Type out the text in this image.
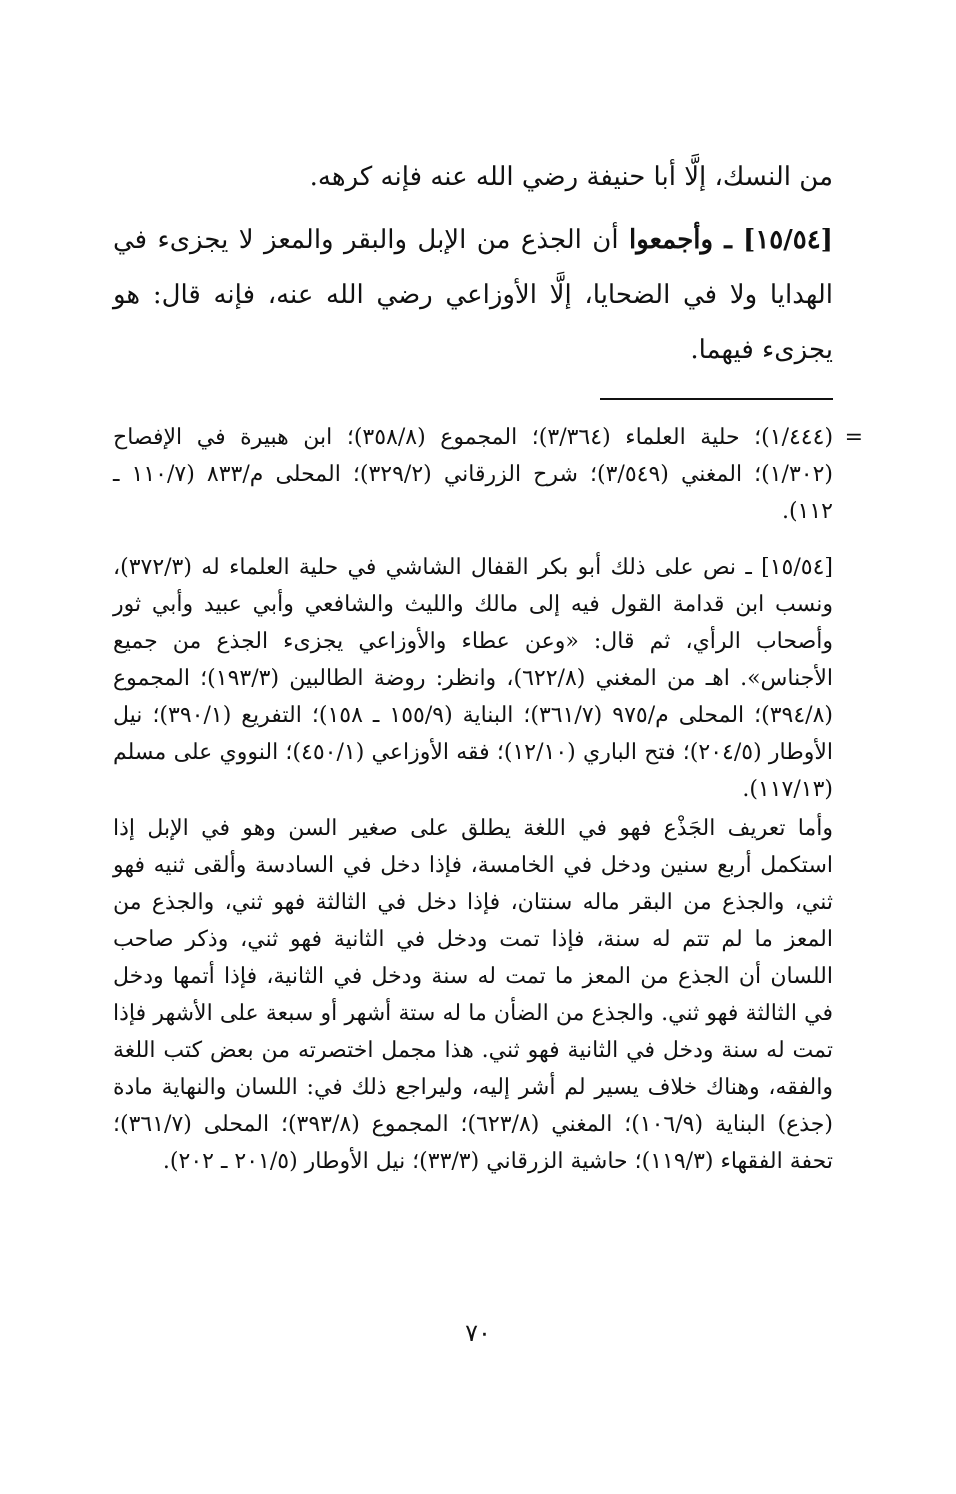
من النسك، إلَّا أبا حنيفة رضي الله عنه فإنه كرهه.

[١٥/٥٤] ـ وأجمعوا أن الجذع من الإبل والبقر والمعز لا يجزىء في الهدايا ولا في الضحايا، إلَّا الأوزاعي رضي الله عنه، فإنه قال: هو يجزىء فيهما.

=
(١/٤٤٤)؛ حلية العلماء (٣/٣٦٤)؛ المجموع (٣٥٨/٨)؛ ابن هبيرة في الإفصاح (١/٣٠٢)؛ المغني (٣/٥٤٩)؛ شرح الزرقاني (٣٢٩/٢)؛ المحلى م/٨٣٣ (١١٠/٧ ـ ١١٢).

[١٥/٥٤] ـ نص على ذلك أبو بكر القفال الشاشي في حلية العلماء له (٣٧٢/٣)، ونسب ابن قدامة القول فيه إلى مالك والليث والشافعي وأبي عبيد وأبي ثور وأصحاب الرأي، ثم قال: «وعن عطاء والأوزاعي يجزىء الجذع من جميع الأجناس». اهـ من المغني (٦٢٢/٨)، وانظر: روضة الطالبين (١٩٣/٣)؛ المجموع (٣٩٤/٨)؛ المحلى م/٩٧٥ (٣٦١/٧)؛ البناية (١٥٥/٩ ـ ١٥٨)؛ التفريع (٣٩٠/١)؛ نيل الأوطار (٢٠٤/٥)؛ فتح الباري (١٢/١٠)؛ فقه الأوزاعي (٤٥٠/١)؛ النووي على مسلم (١١٧/١٣).

وأما تعريف الجَذْع فهو في اللغة يطلق على صغير السن وهو في الإبل إذا استكمل أربع سنين ودخل في الخامسة، فإذا دخل في السادسة وألقى ثنيه فهو ثني، والجذع من البقر ماله سنتان، فإذا دخل في الثالثة فهو ثني، والجذع من المعز ما لم تتم له سنة، فإذا تمت ودخل في الثانية فهو ثني، وذكر صاحب اللسان أن الجذع من المعز ما تمت له سنة ودخل في الثانية، فإذا أتمها ودخل في الثالثة فهو ثني. والجذع من الضأن ما له ستة أشهر أو سبعة على الأشهر فإذا تمت له سنة ودخل في الثانية فهو ثني. هذا مجمل اختصرته من بعض كتب اللغة والفقه، وهناك خلاف يسير لم أشر إليه، وليراجع ذلك في: اللسان والنهاية مادة (جذع) البناية (١٠٦/٩)؛ المغني (٦٢٣/٨)؛ المجموع (٣٩٣/٨)؛ المحلى (٣٦١/٧)؛ تحفة الفقهاء (١١٩/٣)؛ حاشية الزرقاني (٣٣/٣)؛ نيل الأوطار (٢٠١/٥ ـ ٢٠٢).

٧٠
